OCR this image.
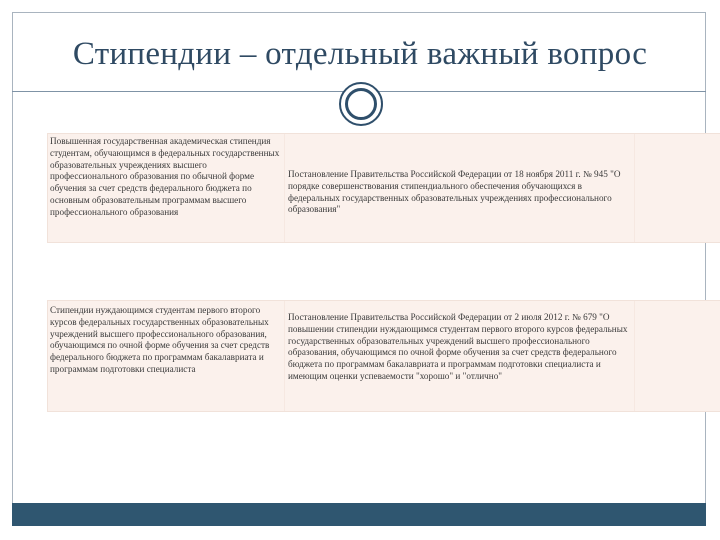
Стипендии – отдельный важный вопрос
Повышенная государственная академическая стипендия студентам, обучающимся в федеральных государственных образовательных учреждениях высшего профессионального образования по обычной форме обучения за счет средств федерального бюджета по основным образовательным программам высшего профессионального образования
Постановление Правительства Российской Федерации от 18 ноября 2011 г. № 945 "О порядке совершенствования стипендиального обеспечения обучающихся в федеральных государственных образовательных учреждениях профессионального образования"
Стипендии нуждающимся студентам первого второго курсов федеральных государственных образовательных учреждений высшего профессионального образования, обучающимся по очной форме обучения за счет средств федерального бюджета по программам бакалавриата и программам подготовки специалиста
Постановление Правительства Российской Федерации от 2 июля 2012 г. № 679 "О повышении стипендии нуждающимся студентам первого второго курсов федеральных государственных образовательных учреждений высшего профессионального образования, обучающимся по очной форме обучения за счет средств федерального бюджета по программам бакалавриата и программам подготовки специалиста и имеющим оценки успеваемости "хорошо" и "отлично"
